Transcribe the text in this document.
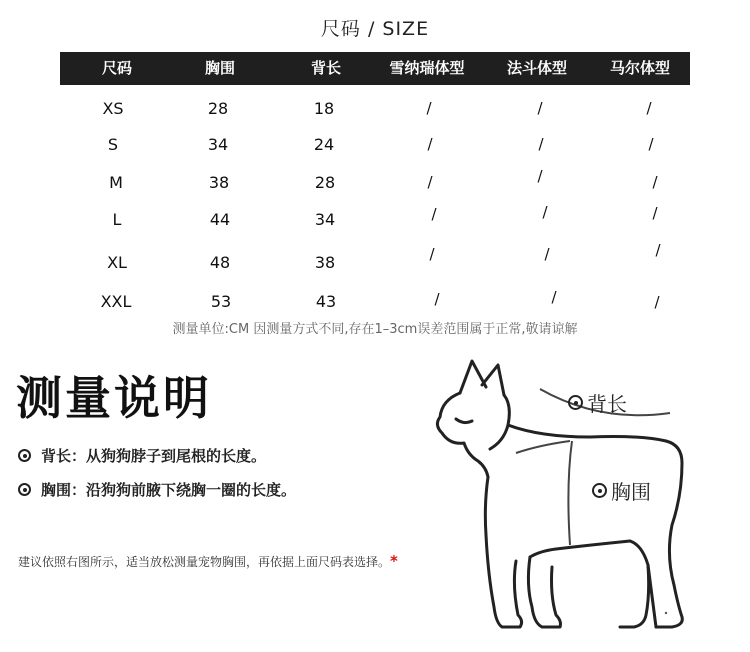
尺码 / SIZE
尺码	胸围	背长	雪纳瑞体型	法斗体型	马尔体型
XS	28	18	/	/	/
S	34	24	/	/	/
M	38	28	/	/	/
L	44	34	/	/	/
XL	48	38	/	/	/
XXL	53	43	/	/	/
测量单位:CM 因测量方式不同,存在1–3cm误差范围属于正常,敬请谅解
测量说明
背长：从狗狗脖子到尾根的长度。
胸围：沿狗狗前腋下绕胸一圈的长度。
建议依照右图所示，适当放松测量宠物胸围，再依据上面尺码表选择。*
背长
胸围
